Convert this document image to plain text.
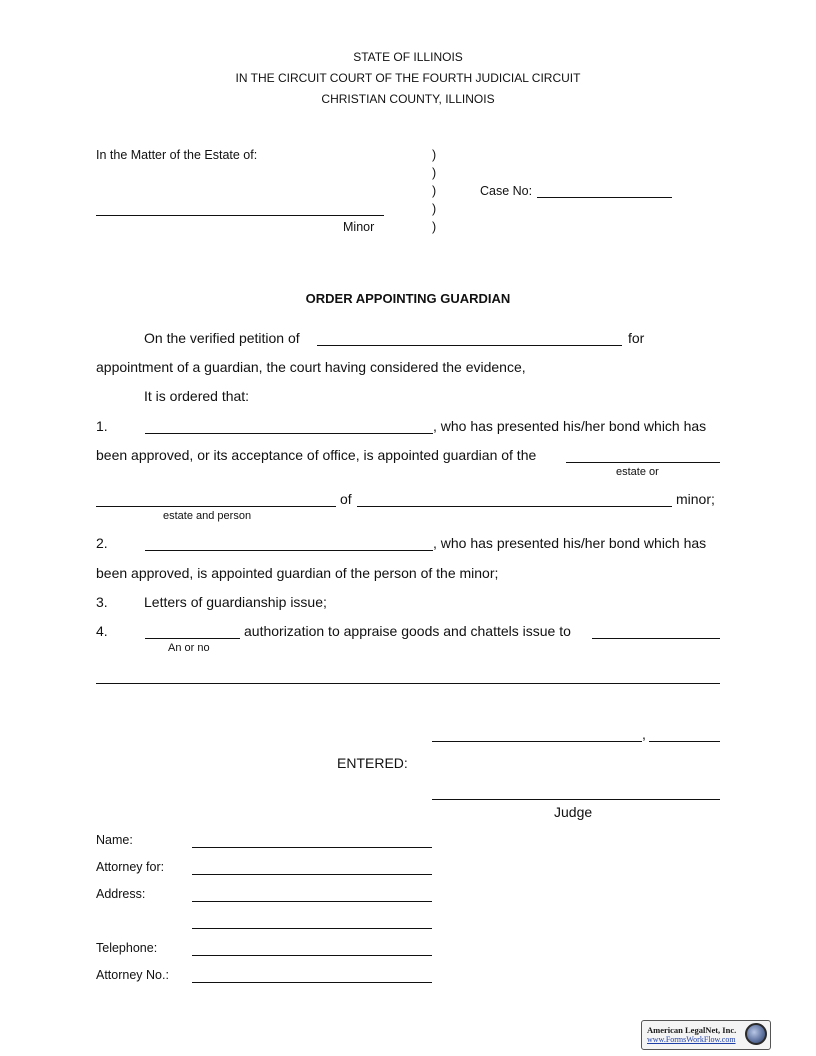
STATE OF ILLINOIS
IN THE CIRCUIT COURT OF THE FOURTH JUDICIAL CIRCUIT
CHRISTIAN COUNTY, ILLINOIS
In the Matter of the Estate of:	)
)
)
)
)
Case No:
Minor
ORDER APPOINTING GUARDIAN
On the verified petition of	for
appointment of a guardian, the court having considered the evidence,
It is ordered that:
1.	, who has presented his/her bond which has
been approved, or its acceptance of office, is appointed guardian of the
estate or
of	minor;
estate and person
2.	, who has presented his/her bond which has
been approved, is appointed guardian of the person of the minor;
3.	Letters of guardianship issue;
4.	authorization to appraise goods and chattels issue to
An or no
,
ENTERED:
Judge
Name:
Attorney for:
Address:
Telephone:
Attorney No.:
American LegalNet, Inc.
www.FormsWorkFlow.com
